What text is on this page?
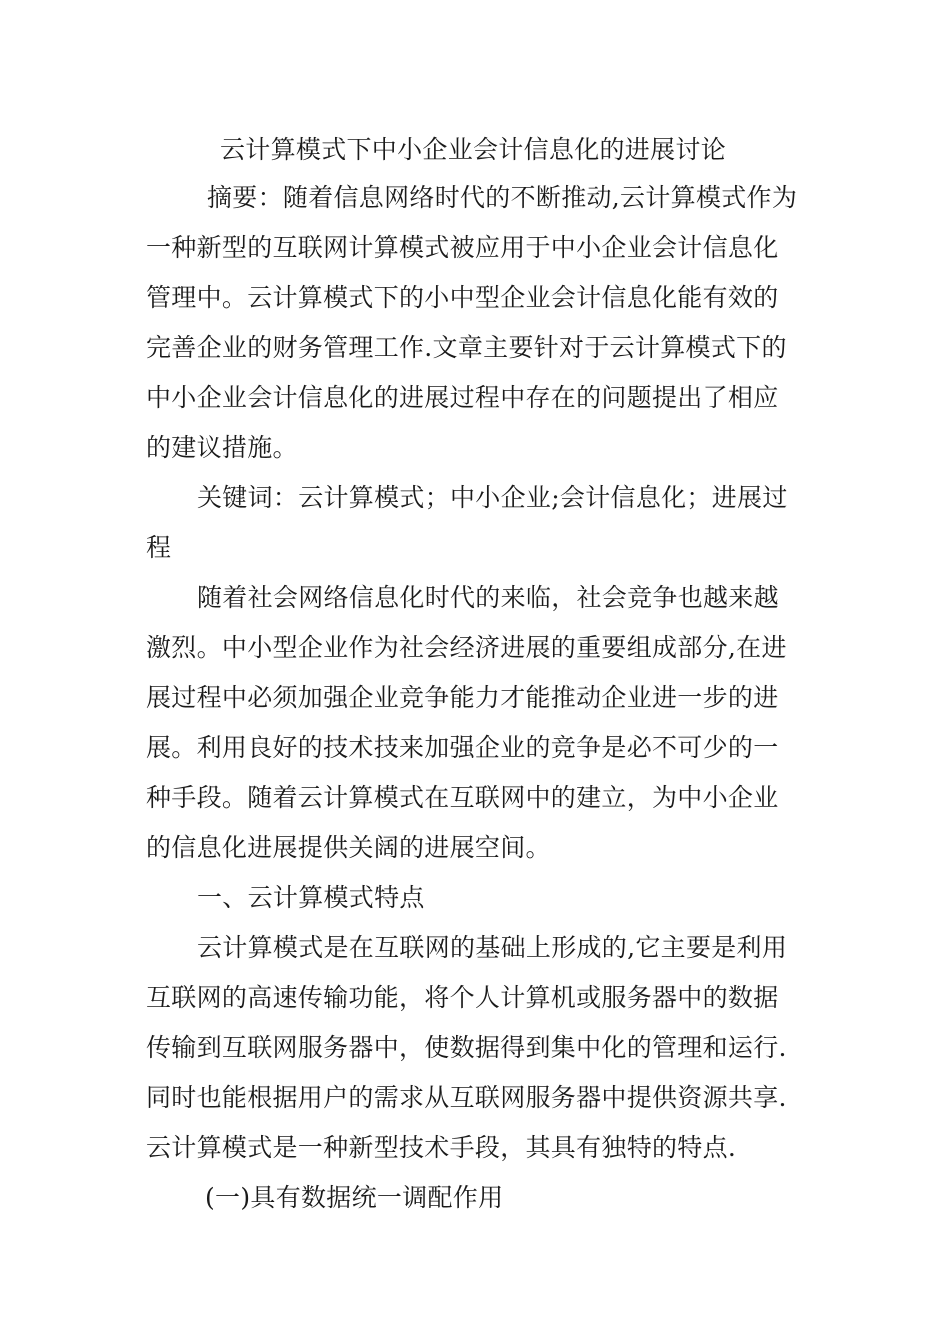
云计算模式下中小企业会计信息化的进展讨论
摘要：随着信息网络时代的不断推动,云计算模式作为
一种新型的互联网计算模式被应用于中小企业会计信息化
管理中。云计算模式下的小中型企业会计信息化能有效的
完善企业的财务管理工作.文章主要针对于云计算模式下的
中小企业会计信息化的进展过程中存在的问题提出了相应
的建议措施。
关键词：云计算模式；中小企业;会计信息化；进展过
程
随着社会网络信息化时代的来临，社会竞争也越来越
激烈。中小型企业作为社会经济进展的重要组成部分,在进
展过程中必须加强企业竞争能力才能推动企业进一步的进
展。利用良好的技术技来加强企业的竞争是必不可少的一
种手段。随着云计算模式在互联网中的建立，为中小企业
的信息化进展提供关阔的进展空间。
一、云计算模式特点
云计算模式是在互联网的基础上形成的,它主要是利用
互联网的高速传输功能，将个人计算机或服务器中的数据
传输到互联网服务器中，使数据得到集中化的管理和运行.
同时也能根据用户的需求从互联网服务器中提供资源共享.
云计算模式是一种新型技术手段，其具有独特的特点.
(一)具有数据统一调配作用
